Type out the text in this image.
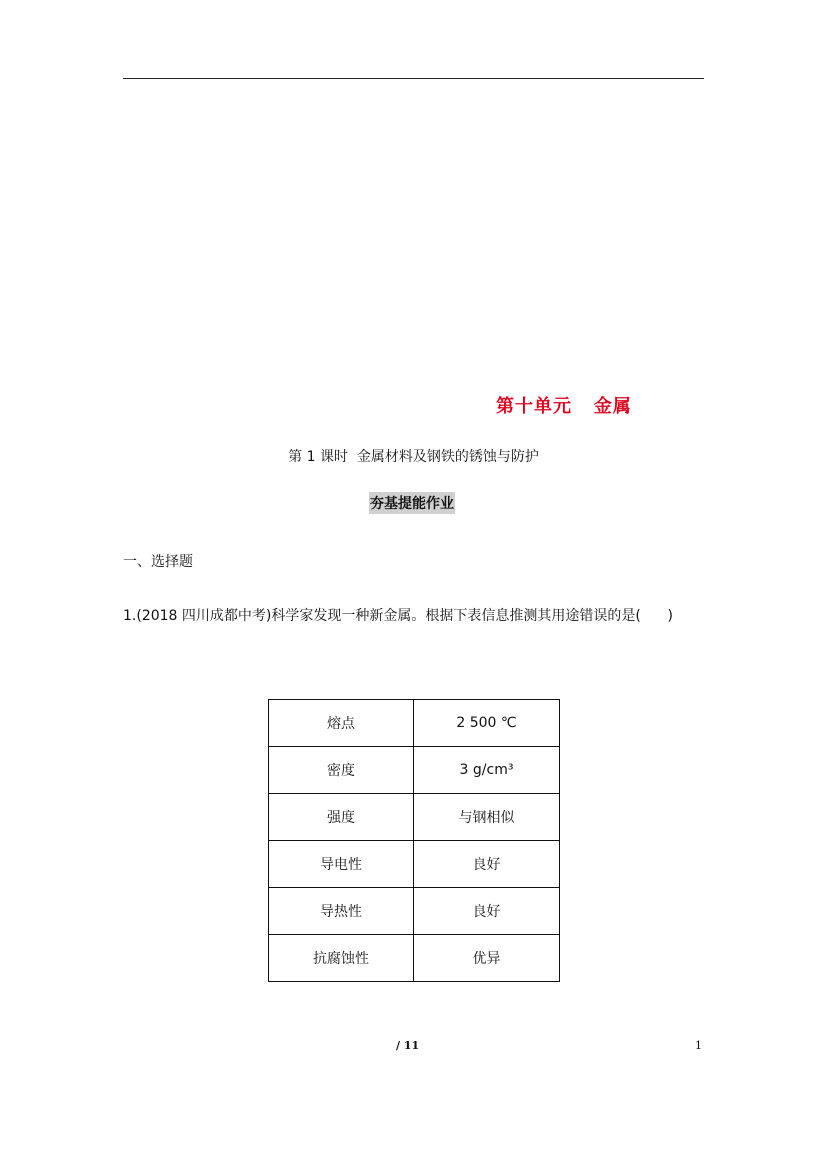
第十单元   金属
第 1 课时  金属材料及钢铁的锈蚀与防护
夯基提能作业
一、选择题
1.(2018 四川成都中考)科学家发现一种新金属。根据下表信息推测其用途错误的是(      )
熔点	2 500 ℃
密度	3 g/cm³
强度	与钢相似
导电性	良好
导热性	良好
抗腐蚀性	优异
/ 11	1
